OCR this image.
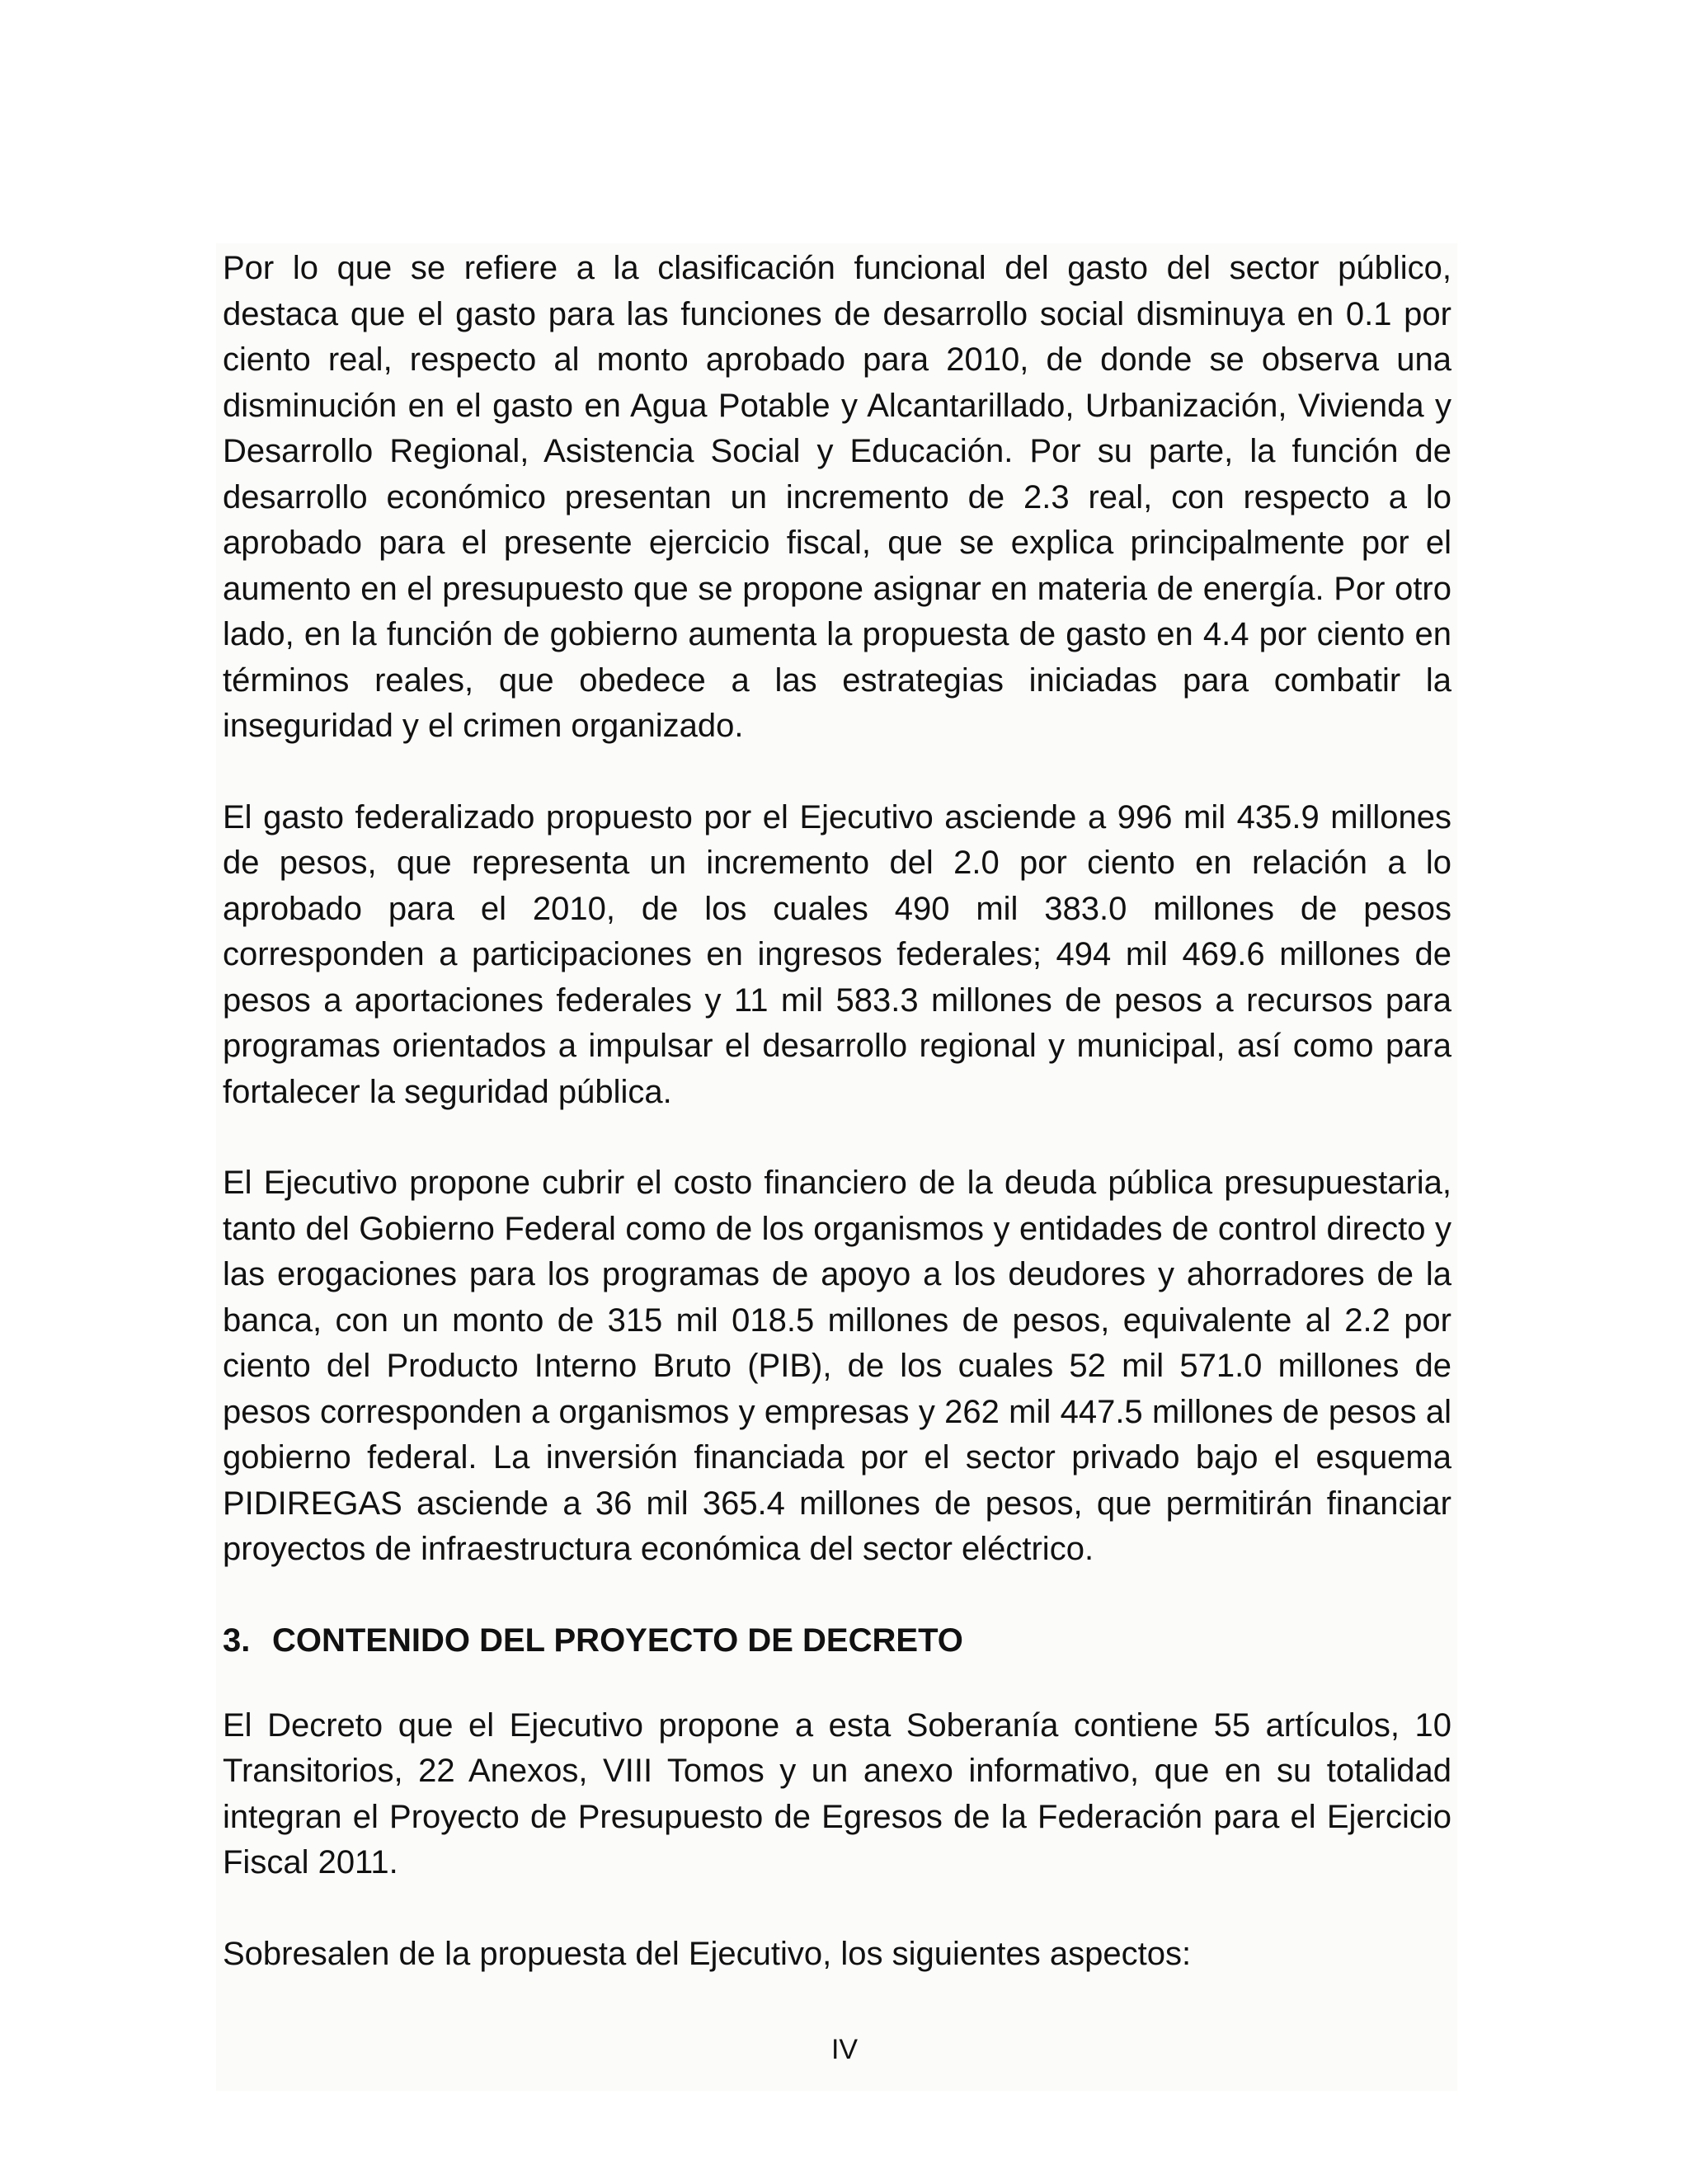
Por lo que se refiere a la clasificación funcional del gasto del sector público, destaca que el gasto para las funciones de desarrollo social disminuya en 0.1 por ciento real, respecto al monto aprobado para 2010, de donde se observa una disminución en el gasto en Agua Potable y Alcantarillado, Urbanización, Vivienda y Desarrollo Regional, Asistencia Social y Educación. Por su parte, la función de desarrollo económico presentan un incremento de 2.3 real, con respecto a lo aprobado para el presente ejercicio fiscal, que se explica principalmente por el aumento en el presupuesto que se propone asignar en materia de energía. Por otro lado, en la función de gobierno aumenta la propuesta de gasto en 4.4 por ciento en términos reales, que obedece a las estrategias iniciadas para combatir la inseguridad y el crimen organizado.

El gasto federalizado propuesto por el Ejecutivo asciende a 996 mil 435.9 millones de pesos, que representa un incremento del 2.0 por ciento en relación a lo aprobado para el 2010, de los cuales 490 mil 383.0 millones de pesos corresponden a participaciones en ingresos federales; 494 mil 469.6 millones de pesos a aportaciones federales y 11 mil 583.3 millones de pesos a recursos para programas orientados a impulsar el desarrollo regional y municipal, así como para fortalecer la seguridad pública.

El Ejecutivo propone cubrir el costo financiero de la deuda pública presupuestaria, tanto del Gobierno Federal como de los organismos y entidades de control directo y las erogaciones para los programas de apoyo a los deudores y ahorradores de la banca, con un monto de 315 mil 018.5 millones de pesos, equivalente al 2.2 por ciento del Producto Interno Bruto (PIB), de los cuales 52 mil 571.0 millones de pesos corresponden a organismos y empresas y 262 mil 447.5 millones de pesos al gobierno federal. La inversión financiada por el sector privado bajo el esquema PIDIREGAS asciende a 36 mil 365.4 millones de pesos, que permitirán financiar proyectos de infraestructura económica del sector eléctrico.

3. CONTENIDO DEL PROYECTO DE DECRETO

El Decreto que el Ejecutivo propone a esta Soberanía contiene 55 artículos, 10 Transitorios, 22 Anexos, VIII Tomos y un anexo informativo, que en su totalidad integran el Proyecto de Presupuesto de Egresos de la Federación para el Ejercicio Fiscal 2011.

Sobresalen de la propuesta del Ejecutivo, los siguientes aspectos:

IV
